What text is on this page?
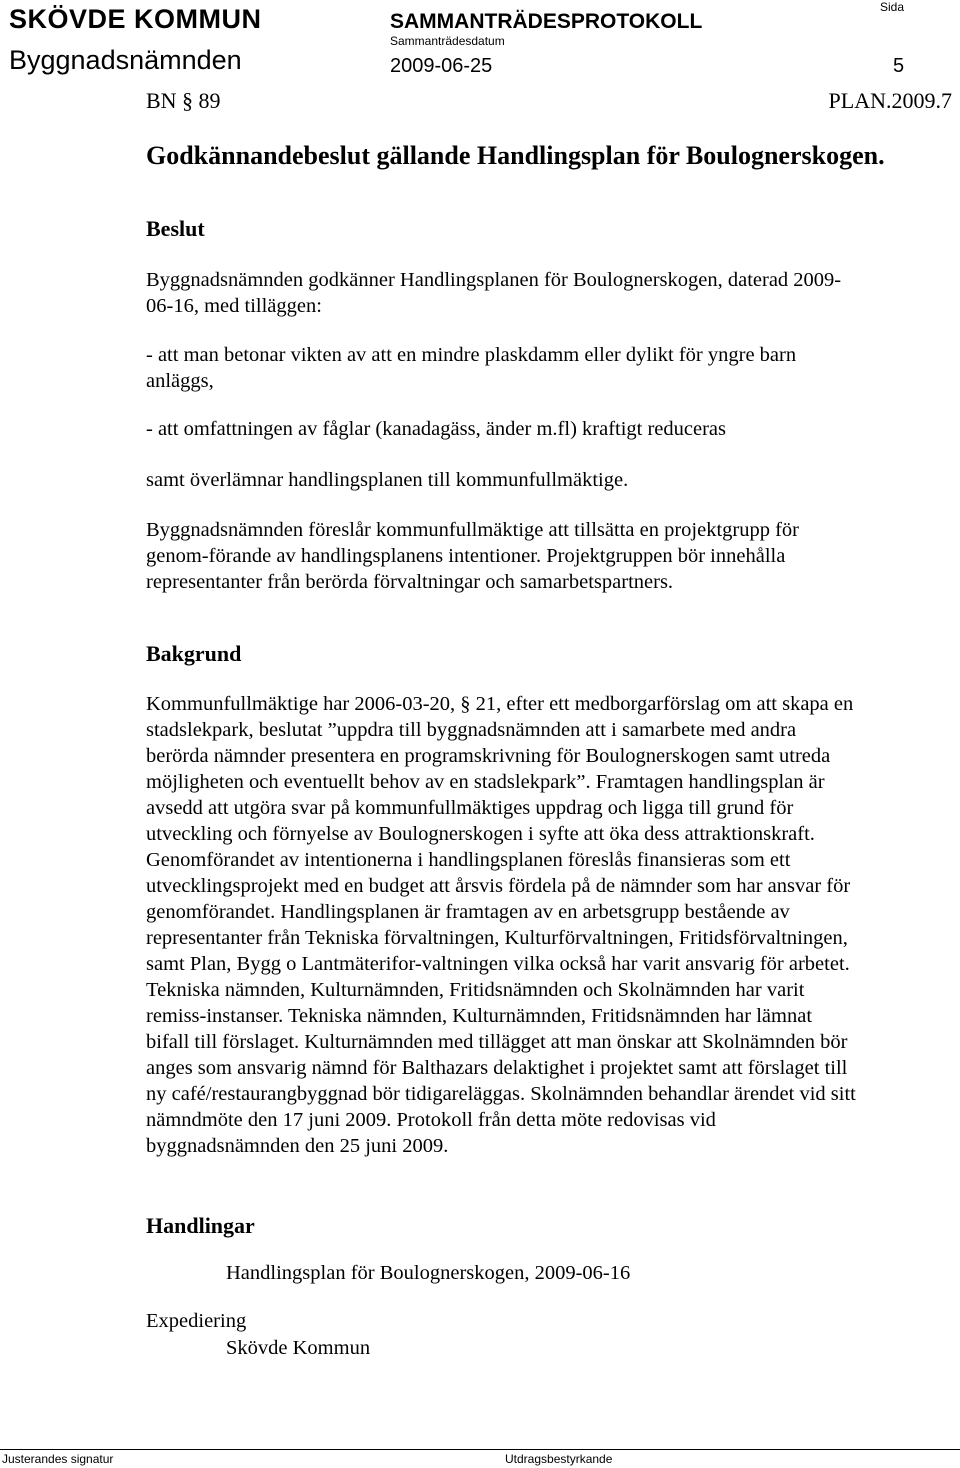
SKÖVDE KOMMUN	SAMMANTRÄDESPROTOKOLL
Sida
Sammanträdesdatum
Byggnadsnämnden	2009-06-25	5
BN § 89	PLAN.2009.7
Godkännandebeslut gällande Handlingsplan för Boulognerskogen.
Beslut

Byggnadsnämnden godkänner Handlingsplanen för Boulognerskogen, daterad 2009-
06-16, med tilläggen:

- att man betonar vikten av att en mindre plaskdamm eller dylikt för yngre barn
anläggs,

- att omfattningen av fåglar (kanadagäss, änder m.fl) kraftigt reduceras

samt överlämnar handlingsplanen till kommunfullmäktige.

Byggnadsnämnden föreslår kommunfullmäktige att tillsätta en projektgrupp för
genom-förande av handlingsplanens intentioner. Projektgruppen bör innehålla
representanter från berörda förvaltningar och samarbetspartners.

Bakgrund

Kommunfullmäktige har 2006-03-20, § 21, efter ett medborgarförslag om att skapa en
stadslekpark, beslutat ”uppdra till byggnadsnämnden att i samarbete med andra
berörda nämnder presentera en programskrivning för Boulognerskogen samt utreda
möjligheten och eventuellt behov av en stadslekpark”. Framtagen handlingsplan är
avsedd att utgöra svar på kommunfullmäktiges uppdrag och ligga till grund för
utveckling och förnyelse av Boulognerskogen i syfte att öka dess attraktionskraft.
Genomförandet av intentionerna i handlingsplanen föreslås finansieras som ett
utvecklingsprojekt med en budget att årsvis fördela på de nämnder som har ansvar för
genomförandet. Handlingsplanen är framtagen av en arbetsgrupp bestående av
representanter från Tekniska förvaltningen, Kulturförvaltningen, Fritidsförvaltningen,
samt Plan, Bygg o Lantmäterifor-valtningen vilka också har varit ansvarig för arbetet.
Tekniska nämnden, Kulturnämnden, Fritidsnämnden och Skolnämnden har varit
remiss-instanser. Tekniska nämnden, Kulturnämnden, Fritidsnämnden har lämnat
bifall till förslaget. Kulturnämnden med tillägget att man önskar att Skolnämnden bör
anges som ansvarig nämnd för Balthazars delaktighet i projektet samt att förslaget till
ny café/restaurangbyggnad bör tidigareläggas. Skolnämnden behandlar ärendet vid sitt
nämndmöte den 17 juni 2009. Protokoll från detta möte redovisas vid
byggnadsnämnden den 25 juni 2009.

Handlingar

Handlingsplan för Boulognerskogen, 2009-06-16

Expediering

Skövde Kommun

Justerandes signatur	Utdragsbestyrkande
